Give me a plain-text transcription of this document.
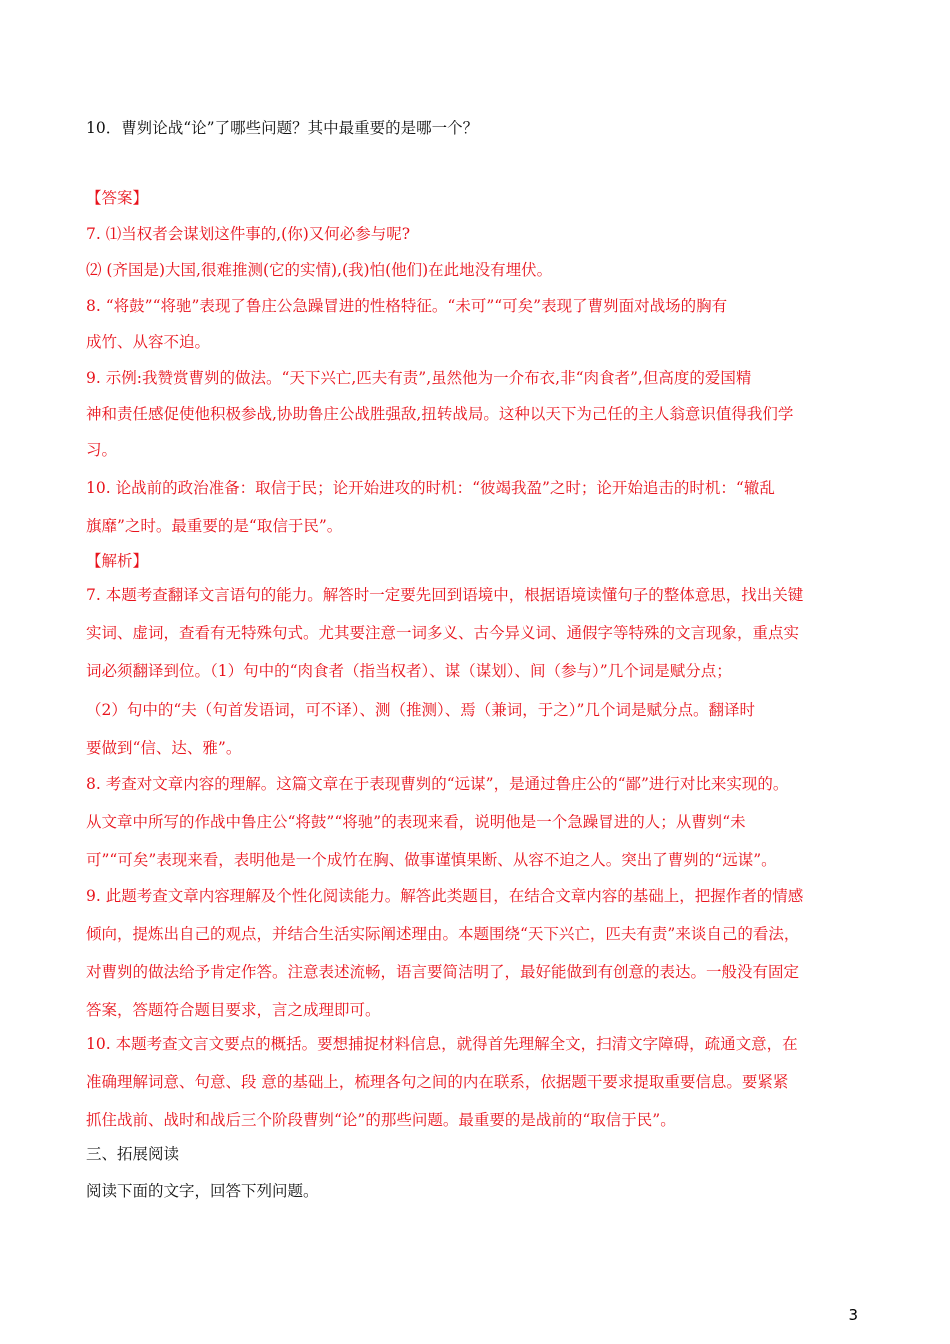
10．曹刿论战“论”了哪些问题？其中最重要的是哪一个？
【答案】
7. ⑴当权者会谋划这件事的,(你)又何必参与呢?
⑵ (齐国是)大国,很难推测(它的实情),(我)怕(他们)在此地没有埋伏。
8. “将鼓”“将驰”表现了鲁庄公急躁冒进的性格特征。“未可”“可矣”表现了曹刿面对战场的胸有
成竹、从容不迫。
9. 示例:我赞赏曹刿的做法。“天下兴亡,匹夫有责”,虽然他为一介布衣,非“肉食者”,但高度的爱国精
神和责任感促使他积极参战,协助鲁庄公战胜强敌,扭转战局。这种以天下为己任的主人翁意识值得我们学
习。
10. 论战前的政治准备：取信于民；论开始进攻的时机：“彼竭我盈”之时；论开始追击的时机：“辙乱
旗靡”之时。最重要的是“取信于民”。
【解析】
7. 本题考查翻译文言语句的能力。解答时一定要先回到语境中，根据语境读懂句子的整体意思，找出关键
实词、虚词，查看有无特殊句式。尤其要注意一词多义、古今异义词、通假字等特殊的文言现象，重点实
词必须翻译到位。（1）句中的“肉食者（指当权者）、谋（谋划）、间（参与）”几个词是赋分点；
（2）句中的“夫（句首发语词，可不译）、测（推测）、焉（兼词，于之）”几个词是赋分点。翻译时
要做到“信、达、雅”。
8. 考查对文章内容的理解。这篇文章在于表现曹刿的“远谋”，是通过鲁庄公的“鄙”进行对比来实现的。
从文章中所写的作战中鲁庄公“将鼓”“将驰”的表现来看，说明他是一个急躁冒进的人；从曹刿“未
可”“可矣”表现来看，表明他是一个成竹在胸、做事谨慎果断、从容不迫之人。突出了曹刿的“远谋”。
9. 此题考查文章内容理解及个性化阅读能力。解答此类题目，在结合文章内容的基础上，把握作者的情感
倾向，提炼出自己的观点，并结合生活实际阐述理由。本题围绕“天下兴亡，匹夫有责”来谈自己的看法，
对曹刿的做法给予肯定作答。注意表述流畅，语言要简洁明了，最好能做到有创意的表达。一般没有固定
答案，答题符合题目要求，言之成理即可。
10. 本题考查文言文要点的概括。要想捕捉材料信息，就得首先理解全文，扫清文字障碍，疏通文意，在
准确理解词意、句意、段 意的基础上，梳理各句之间的内在联系，依据题干要求提取重要信息。要紧紧
抓住战前、战时和战后三个阶段曹刿“论”的那些问题。最重要的是战前的“取信于民”。
三、拓展阅读
阅读下面的文字，回答下列问题。
3
